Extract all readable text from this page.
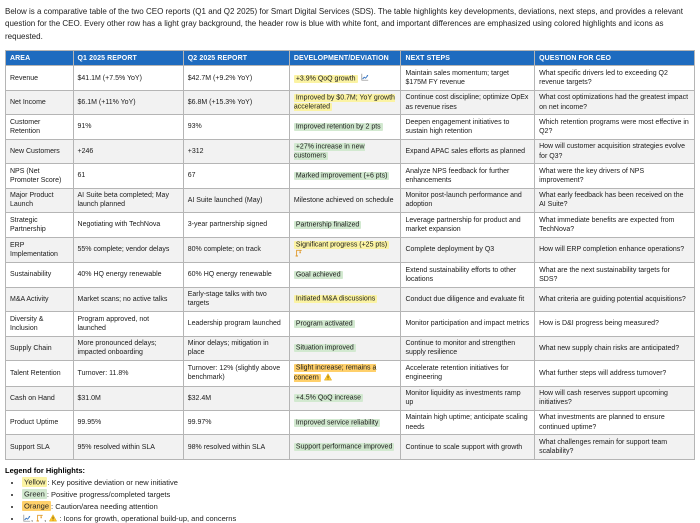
Below is a comparative table of the two CEO reports (Q1 and Q2 2025) for Smart Digital Services (SDS). The table highlights key developments, deviations, next steps, and provides a relevant question for the CEO. Every other row has a light gray background, the header row is blue with white font, and important differences are emphasized using colored highlights and icons as requested.

AREA	Q1 2025 REPORT	Q2 2025 REPORT	DEVELOPMENT/DEVIATION	NEXT STEPS	QUESTION FOR CEO
Revenue	$41.1M (+7.5% YoY)	$42.7M (+9.2% YoY)	+3.9% QoQ growth	Maintain sales momentum; target $175M FY revenue	What specific drivers led to exceeding Q2 revenue targets?
Net Income	$6.1M (+11% YoY)	$6.8M (+15.3% YoY)	Improved by $0.7M; YoY growth accelerated	Continue cost discipline; optimize OpEx as revenue rises	What cost optimizations had the greatest impact on net income?
Customer Retention	91%	93%	Improved retention by 2 pts	Deepen engagement initiatives to sustain high retention	Which retention programs were most effective in Q2?
New Customers	+246	+312	+27% increase in new customers	Expand APAC sales efforts as planned	How will customer acquisition strategies evolve for Q3?
NPS (Net Promoter Score)	61	67	Marked improvement (+6 pts)	Analyze NPS feedback for further enhancements	What were the key drivers of NPS improvement?
Major Product Launch	AI Suite beta completed; May launch planned	AI Suite launched (May)	Milestone achieved on schedule	Monitor post-launch performance and adoption	What early feedback has been received on the AI Suite?
Strategic Partnership	Negotiating with TechNova	3-year partnership signed	Partnership finalized	Leverage partnership for product and market expansion	What immediate benefits are expected from TechNova?
ERP Implementation	55% complete; vendor delays	80% complete; on track	Significant progress (+25 pts)	Complete deployment by Q3	How will ERP completion enhance operations?
Sustainability	40% HQ energy renewable	60% HQ energy renewable	Goal achieved	Extend sustainability efforts to other locations	What are the next sustainability targets for SDS?
M&A Activity	Market scans; no active talks	Early-stage talks with two targets	Initiated M&A discussions	Conduct due diligence and evaluate fit	What criteria are guiding potential acquisitions?
Diversity & Inclusion	Program approved, not launched	Leadership program launched	Program activated	Monitor participation and impact metrics	How is D&I progress being measured?
Supply Chain	More pronounced delays; impacted onboarding	Minor delays; mitigation in place	Situation improved	Continue to monitor and strengthen supply resilience	What new supply chain risks are anticipated?
Talent Retention	Turnover: 11.8%	Turnover: 12% (slightly above benchmark)	Slight increase; remains a concern	Accelerate retention initiatives for engineering	What further steps will address turnover?
Cash on Hand	$31.0M	$32.4M	+4.5% QoQ increase	Monitor liquidity as investments ramp up	How will cash reserves support upcoming initiatives?
Product Uptime	99.95%	99.97%	Improved service reliability	Maintain high uptime; anticipate scaling needs	What investments are planned to ensure continued uptime?
Support SLA	95% resolved within SLA	98% resolved within SLA	Support performance improved	Continue to scale support with growth	What challenges remain for support team scalability?

Legend for Highlights:

• Yellow : Key positive deviation or new initiative
• Green : Positive progress/completed targets
• Orange : Caution/area needing attention
• , ,  : Icons for growth, operational build-up, and concerns
